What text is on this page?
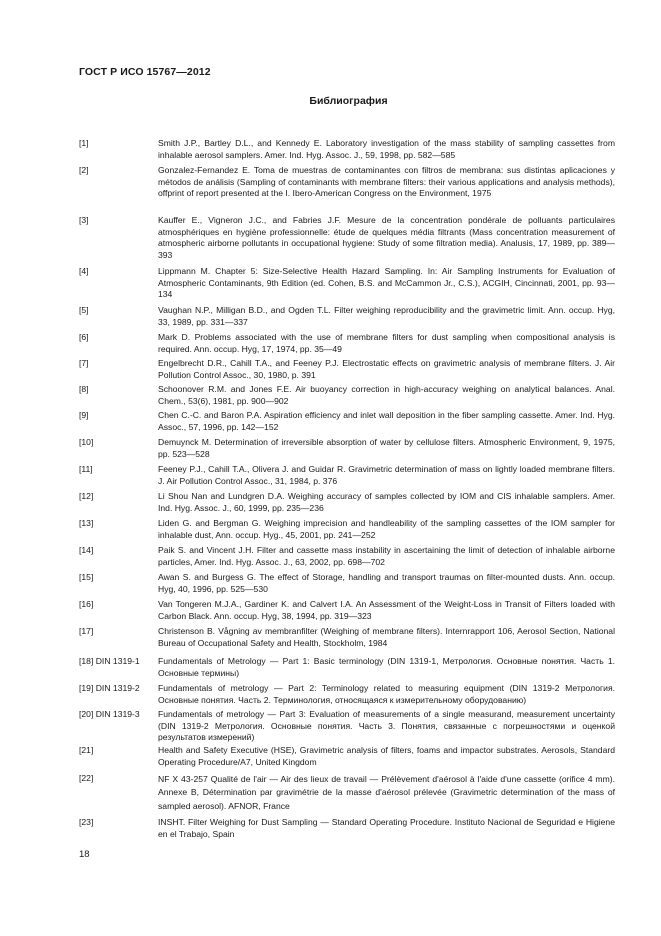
ГОСТ Р ИСО 15767—2012
Библиография
[1]	Smith J.P., Bartley D.L., and Kennedy E. Laboratory investigation of the mass stability of sampling cassettes from inhalable aerosol samplers. Amer. Ind. Hyg. Assoc. J., 59, 1998, pp. 582—585
[2]	Gonzalez-Fernandez E. Toma de muestras de contaminantes con filtros de membrana: sus distintas aplicaciones y métodos de análisis (Sampling of contaminants with membrane filters: their various applications and analysis methods), offprint of report presented at the I. Ibero-American Congress on the Environment, 1975
[3]	Kauffer E., Vigneron J.C., and Fabries J.F. Mesure de la concentration pondérale de polluants particulaires atmosphériques en hygiène professionnelle: étude de quelques média filtrants (Mass concentration measurement of atmospheric airborne pollutants in occupational hygiene: Study of some filtration media). Analusis, 17, 1989, pp. 389—393
[4]	Lippmann M. Chapter 5: Size-Selective Health Hazard Sampling. In: Air Sampling Instruments for Evaluation of Atmospheric Contaminants, 9th Edition (ed. Cohen, B.S. and McCammon Jr., C.S.), ACGIH, Cincinnati, 2001, pp. 93—134
[5]	Vaughan N.P., Milligan B.D., and Ogden T.L. Filter weighing reproducibility and the gravimetric limit. Ann. occup. Hyg, 33, 1989, pp. 331—337
[6]	Mark D. Problems associated with the use of membrane filters for dust sampling when compositional analysis is required. Ann. occup. Hyg, 17, 1974, pp. 35—49
[7]	Engelbrecht D.R., Cahill T.A., and Feeney P.J. Electrostatic effects on gravimetric analysis of membrane filters. J. Air Pollution Control Assoc., 30, 1980, p. 391
[8]	Schoonover R.M. and Jones F.E. Air buoyancy correction in high-accuracy weighing on analytical balances. Anal. Chem., 53(6), 1981, pp. 900—902
[9]	Chen C.-C. and Baron P.A. Aspiration efficiency and inlet wall deposition in the fiber sampling cassette. Amer. Ind. Hyg. Assoc., 57, 1996, pp. 142—152
[10]	Demuynck M. Determination of irreversible absorption of water by cellulose filters. Atmospheric Environment, 9, 1975, pp. 523—528
[11]	Feeney P.J., Cahill T.A., Olivera J. and Guidar R. Gravimetric determination of mass on lightly loaded membrane filters. J. Air Pollution Control Assoc., 31, 1984, p. 376
[12]	Li Shou Nan and Lundgren D.A. Weighing accuracy of samples collected by IOM and CIS inhalable samplers. Amer. Ind. Hyg. Assoc. J., 60, 1999, pp. 235—236
[13]	Liden G. and Bergman G. Weighing imprecision and handleability of the sampling cassettes of the IOM sampler for inhalable dust, Ann. occup. Hyg., 45, 2001, pp. 241—252
[14]	Paik S. and Vincent J.H. Filter and cassette mass instability in ascertaining the limit of detection of inhalable airborne particles, Amer. Ind. Hyg. Assoc. J., 63, 2002, pp. 698—702
[15]	Awan S. and Burgess G. The effect of Storage, handling and transport traumas on filter-mounted dusts. Ann. occup. Hyg, 40, 1996, pp. 525—530
[16]	Van Tongeren M.J.A., Gardiner K. and Calvert I.A. An Assessment of the Weight-Loss in Transit of Filters loaded with Carbon Black. Ann. occup. Hyg, 38, 1994, pp. 319—323
[17]	Christenson B. Vågning av membranfilter (Weighing of membrane filters). Internrapport 106, Aerosol Section, National Bureau of Occupational Safety and Health, Stockholm, 1984
[18] DIN 1319-1 Fundamentals of Metrology — Part 1: Basic terminology (DIN 1319-1, Метрология. Основные понятия. Часть 1. Основные термины)
[19] DIN 1319-2 Fundamentals of metrology — Part 2: Terminology related to measuring equipment (DIN 1319-2 Метрология. Основные понятия. Часть 2. Терминология, относящаяся к измерительному оборудованию)
[20] DIN 1319-3 Fundamentals of metrology — Part 3: Evaluation of measurements of a single measurand, measurement uncertainty (DIN 1319-2 Метрология. Основные понятия. Часть 3. Понятия, связанные с погрешностями и оценкой результатов измерений)
[21]	Health and Safety Executive (HSE), Gravimetric analysis of filters, foams and impactor substrates. Aerosols, Standard Operating Procedure/A7, United Kingdom
[22]	NF X 43-257 Qualité de l'air — Air des lieux de travail — Prélèvement d'aérosol à l'aide d'une cassette (orifice 4 mm). Annexe B, Détermination par gravimétrie de la masse d'aérosol prélevée (Gravimetric determination of the mass of sampled aerosol). AFNOR, France
[23]	INSHT. Filter Weighing for Dust Sampling — Standard Operating Procedure. Instituto Nacional de Seguridad e Higiene en el Trabajo, Spain
18
